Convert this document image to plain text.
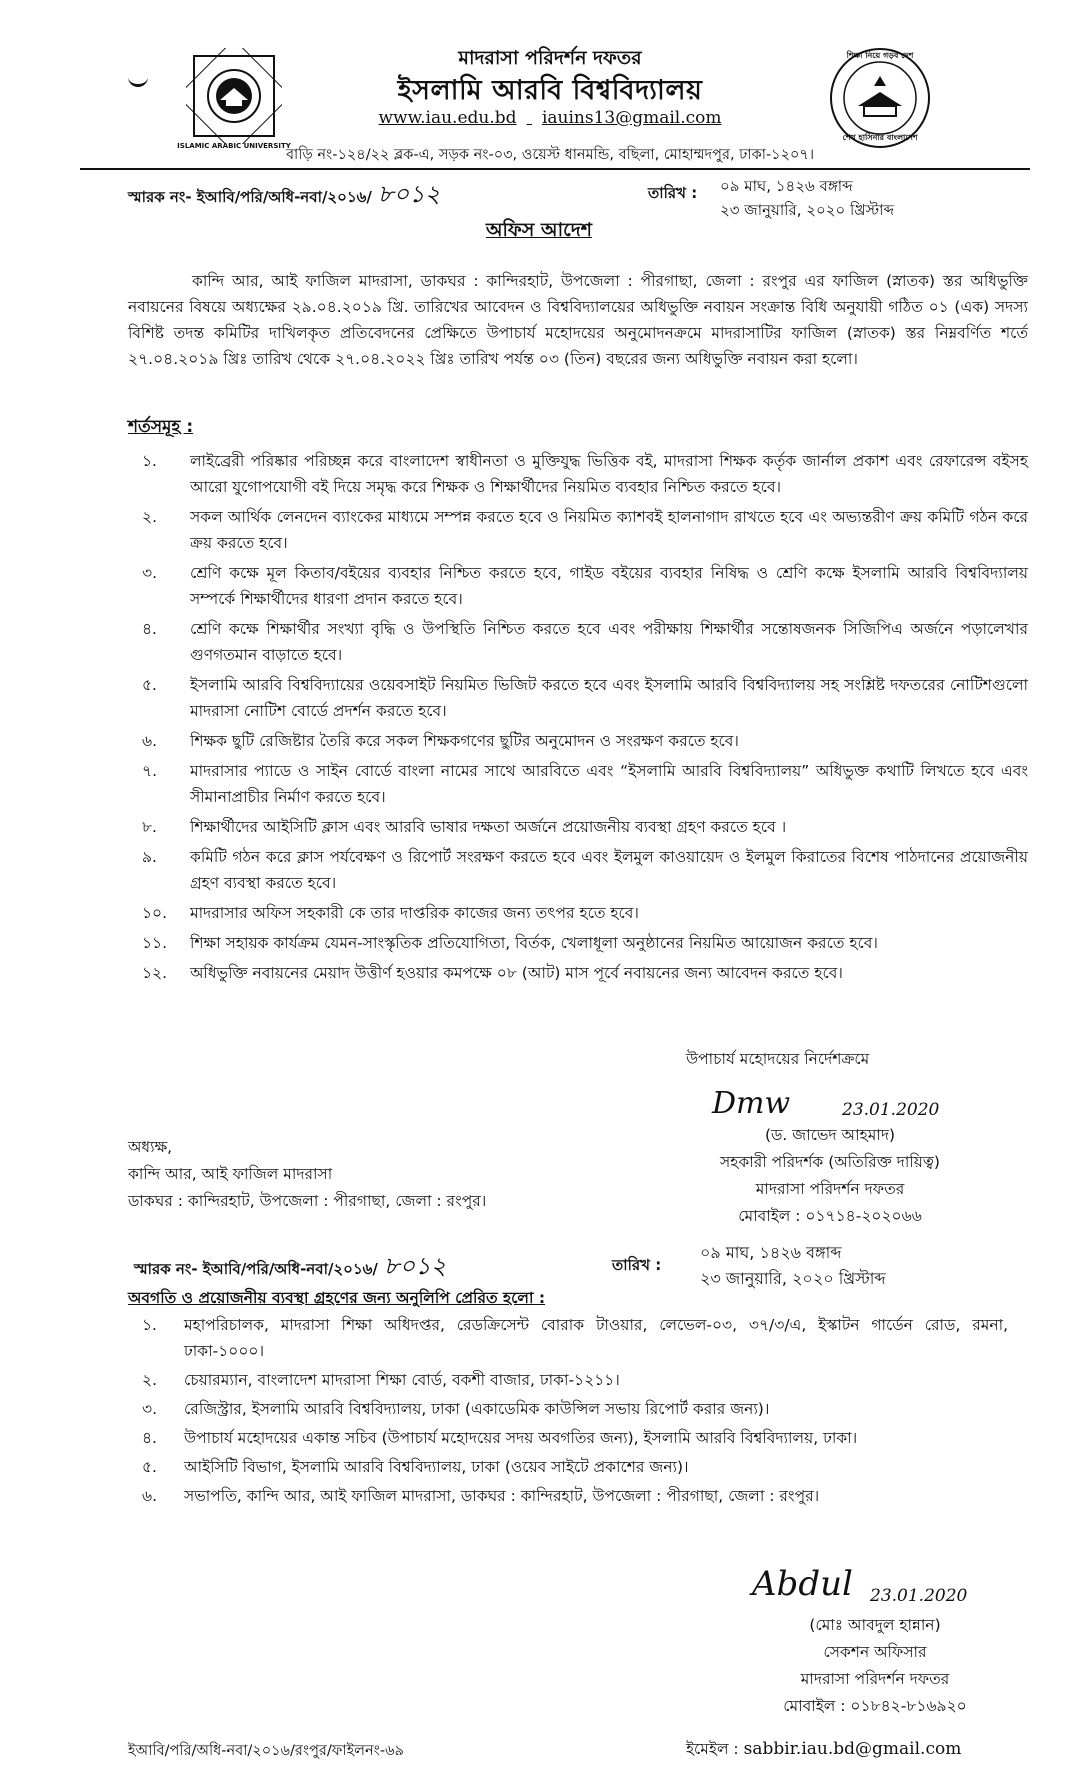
ISLAMIC ARABIC UNIVERSITY
মাদরাসা পরিদর্শন দফতর
ইসলামি আরবি বিশ্ববিদ্যালয়
www.iau.edu.bd iauins13@gmail.com
শিক্ষা নিয়ে গড়ব দেশ
শেখ হাসিনার বাংলাদেশ
বাড়ি নং-১২৪/২২ ব্লক-এ, সড়ক নং-০৩, ওয়েস্ট ধানমন্ডি, বছিলা, মোহাম্মদপুর, ঢাকা-১২০৭।
স্মারক নং- ইআবি/পরি/অধি-নবা/২০১৬/ ৮০১২	তারিখ : ০৯ মাঘ, ১৪২৬ বঙ্গাব্দ
২৩ জানুয়ারি, ২০২০ খ্রিস্টাব্দ
অফিস আদেশ
কান্দি আর, আই ফাজিল মাদরাসা, ডাকঘর : কান্দিরহাট, উপজেলা : পীরগাছা, জেলা : রংপুর এর ফাজিল (স্নাতক) স্তর অধিভুক্তি নবায়নের বিষয়ে অধ্যক্ষের ২৯.০৪.২০১৯ খ্রি. তারিখের আবেদন ও বিশ্ববিদ্যালয়ের অধিভুক্তি নবায়ন সংক্রান্ত বিধি অনুযায়ী গঠিত ০১ (এক) সদস্য বিশিষ্ট তদন্ত কমিটির দাখিলকৃত প্রতিবেদনের প্রেক্ষিতে উপাচার্য মহোদয়ের অনুমোদনক্রমে মাদরাসাটির ফাজিল (স্নাতক) স্তর নিম্নবর্ণিত শর্তে ২৭.০৪.২০১৯ খ্রিঃ তারিখ থেকে ২৭.০৪.২০২২ খ্রিঃ তারিখ পর্যন্ত ০৩ (তিন) বছরের জন্য অধিভুক্তি নবায়ন করা হলো।
শর্তসমূহ :
১. লাইব্রেরী পরিষ্কার পরিচ্ছন্ন করে বাংলাদেশ স্বাধীনতা ও মুক্তিযুদ্ধ ভিত্তিক বই, মাদরাসা শিক্ষক কর্তৃক জার্নাল প্রকাশ এবং রেফারেন্স বইসহ আরো যুগোপযোগী বই দিয়ে সমৃদ্ধ করে শিক্ষক ও শিক্ষার্থীদের নিয়মিত ব্যবহার নিশ্চিত করতে হবে।
২. সকল আর্থিক লেনদেন ব্যাংকের মাধ্যমে সম্পন্ন করতে হবে ও নিয়মিত ক্যাশবই হালনাগাদ রাখতে হবে এং অভ্যন্তরীণ ক্রয় কমিটি গঠন করে ক্রয় করতে হবে।
৩. শ্রেণি কক্ষে মূল কিতাব/বইয়ের ব্যবহার নিশ্চিত করতে হবে, গাইড বইয়ের ব্যবহার নিষিদ্ধ ও শ্রেণি কক্ষে ইসলামি আরবি বিশ্ববিদ্যালয় সম্পর্কে শিক্ষার্থীদের ধারণা প্রদান করতে হবে।
৪. শ্রেণি কক্ষে শিক্ষার্থীর সংখ্যা বৃদ্ধি ও উপস্থিতি নিশ্চিত করতে হবে এবং পরীক্ষায় শিক্ষার্থীর সন্তোষজনক সিজিপিএ অর্জনে পড়ালেখার গুণগতমান বাড়াতে হবে।
৫. ইসলামি আরবি বিশ্ববিদ্যায়ের ওয়েবসাইট নিয়মিত ভিজিট করতে হবে এবং ইসলামি আরবি বিশ্ববিদ্যালয় সহ সংশ্লিষ্ট দফতরের নোটিশগুলো মাদরাসা নোটিশ বোর্ডে প্রদর্শন করতে হবে।
৬. শিক্ষক ছুটি রেজিষ্টার তৈরি করে সকল শিক্ষকগণের ছুটির অনুমোদন ও সংরক্ষণ করতে হবে।
৭. মাদরাসার প্যাডে ও সাইন বোর্ডে বাংলা নামের সাথে আরবিতে এবং “ইসলামি আরবি বিশ্ববিদ্যালয়” অধিভুক্ত কথাটি লিখতে হবে এবং সীমানাপ্রাচীর নির্মাণ করতে হবে।
৮. শিক্ষার্থীদের আইসিটি ক্লাস এবং আরবি ভাষার দক্ষতা অর্জনে প্রয়োজনীয় ব্যবস্থা গ্রহণ করতে হবে ।
৯. কমিটি গঠন করে ক্লাস পর্যবেক্ষণ ও রিপোর্ট সংরক্ষণ করতে হবে এবং ইলমুল কাওয়ায়েদ ও ইলমুল কিরাতের বিশেষ পাঠদানের প্রয়োজনীয় গ্রহণ ব্যবস্থা করতে হবে।
১০. মাদরাসার অফিস সহকারী কে তার দাপ্তরিক কাজের জন্য তৎপর হতে হবে।
১১. শিক্ষা সহায়ক কার্যক্রম যেমন-সাংস্কৃতিক প্রতিযোগিতা, বির্তক, খেলাধূলা অনুষ্ঠানের নিয়মিত আয়োজন করতে হবে।
১২. অধিভুক্তি নবায়নের মেয়াদ উত্তীর্ণ হওয়ার কমপক্ষে ০৮ (আট) মাস পূর্বে নবায়নের জন্য আবেদন করতে হবে।
উপাচার্য মহোদয়ের নির্দেশক্রমে
Dmw	23.01.2020
(ড. জাভেদ আহমাদ)
সহকারী পরিদর্শক (অতিরিক্ত দায়িত্ব)
মাদরাসা পরিদর্শন দফতর
মোবাইল : ০১৭১৪-২০২০৬৬
অধ্যক্ষ,
কান্দি আর, আই ফাজিল মাদরাসা
ডাকঘর : কান্দিরহাট, উপজেলা : পীরগাছা, জেলা : রংপুর।
স্মারক নং- ইআবি/পরি/অধি-নবা/২০১৬/ ৮০১২	তারিখ :
০৯ মাঘ, ১৪২৬ বঙ্গাব্দ
২৩ জানুয়ারি, ২০২০ খ্রিস্টাব্দ
অবগতি ও প্রয়োজনীয় ব্যবস্থা গ্রহণের জন্য অনুলিপি প্রেরিত হলো :
১. মহাপরিচালক, মাদরাসা শিক্ষা অধিদপ্তর, রেডক্রিসেন্ট বোরাক টাওয়ার, লেভেল-০৩, ৩৭/৩/এ, ইস্কাটন গার্ডেন রোড, রমনা, ঢাকা-১০০০।
২. চেয়ারম্যান, বাংলাদেশ মাদরাসা শিক্ষা বোর্ড, বকশী বাজার, ঢাকা-১২১১।
৩. রেজিস্ট্রার, ইসলামি আরবি বিশ্ববিদ্যালয়, ঢাকা (একাডেমিক কাউন্সিল সভায় রিপোর্ট করার জন্য)।
৪. উপাচার্য মহোদয়ের একান্ত সচিব (উপাচার্য মহোদয়ের সদয় অবগতির জন্য), ইসলামি আরবি বিশ্ববিদ্যালয়, ঢাকা।
৫. আইসিটি বিভাগ, ইসলামি আরবি বিশ্ববিদ্যালয়, ঢাকা (ওয়েব সাইটে প্রকাশের জন্য)।
৬. সভাপতি, কান্দি আর, আই ফাজিল মাদরাসা, ডাকঘর : কান্দিরহাট, উপজেলা : পীরগাছা, জেলা : রংপুর।
Abdul 23.01.2020
(মোঃ আবদুল হান্নান)
সেকশন অফিসার
মাদরাসা পরিদর্শন দফতর
মোবাইল : ০১৮৪২-৮১৬৯২০
ইমেইল : sabbir.iau.bd@gmail.com
ইআবি/পরি/অধি-নবা/২০১৬/রংপুর/ফাইলনং-৬৯
